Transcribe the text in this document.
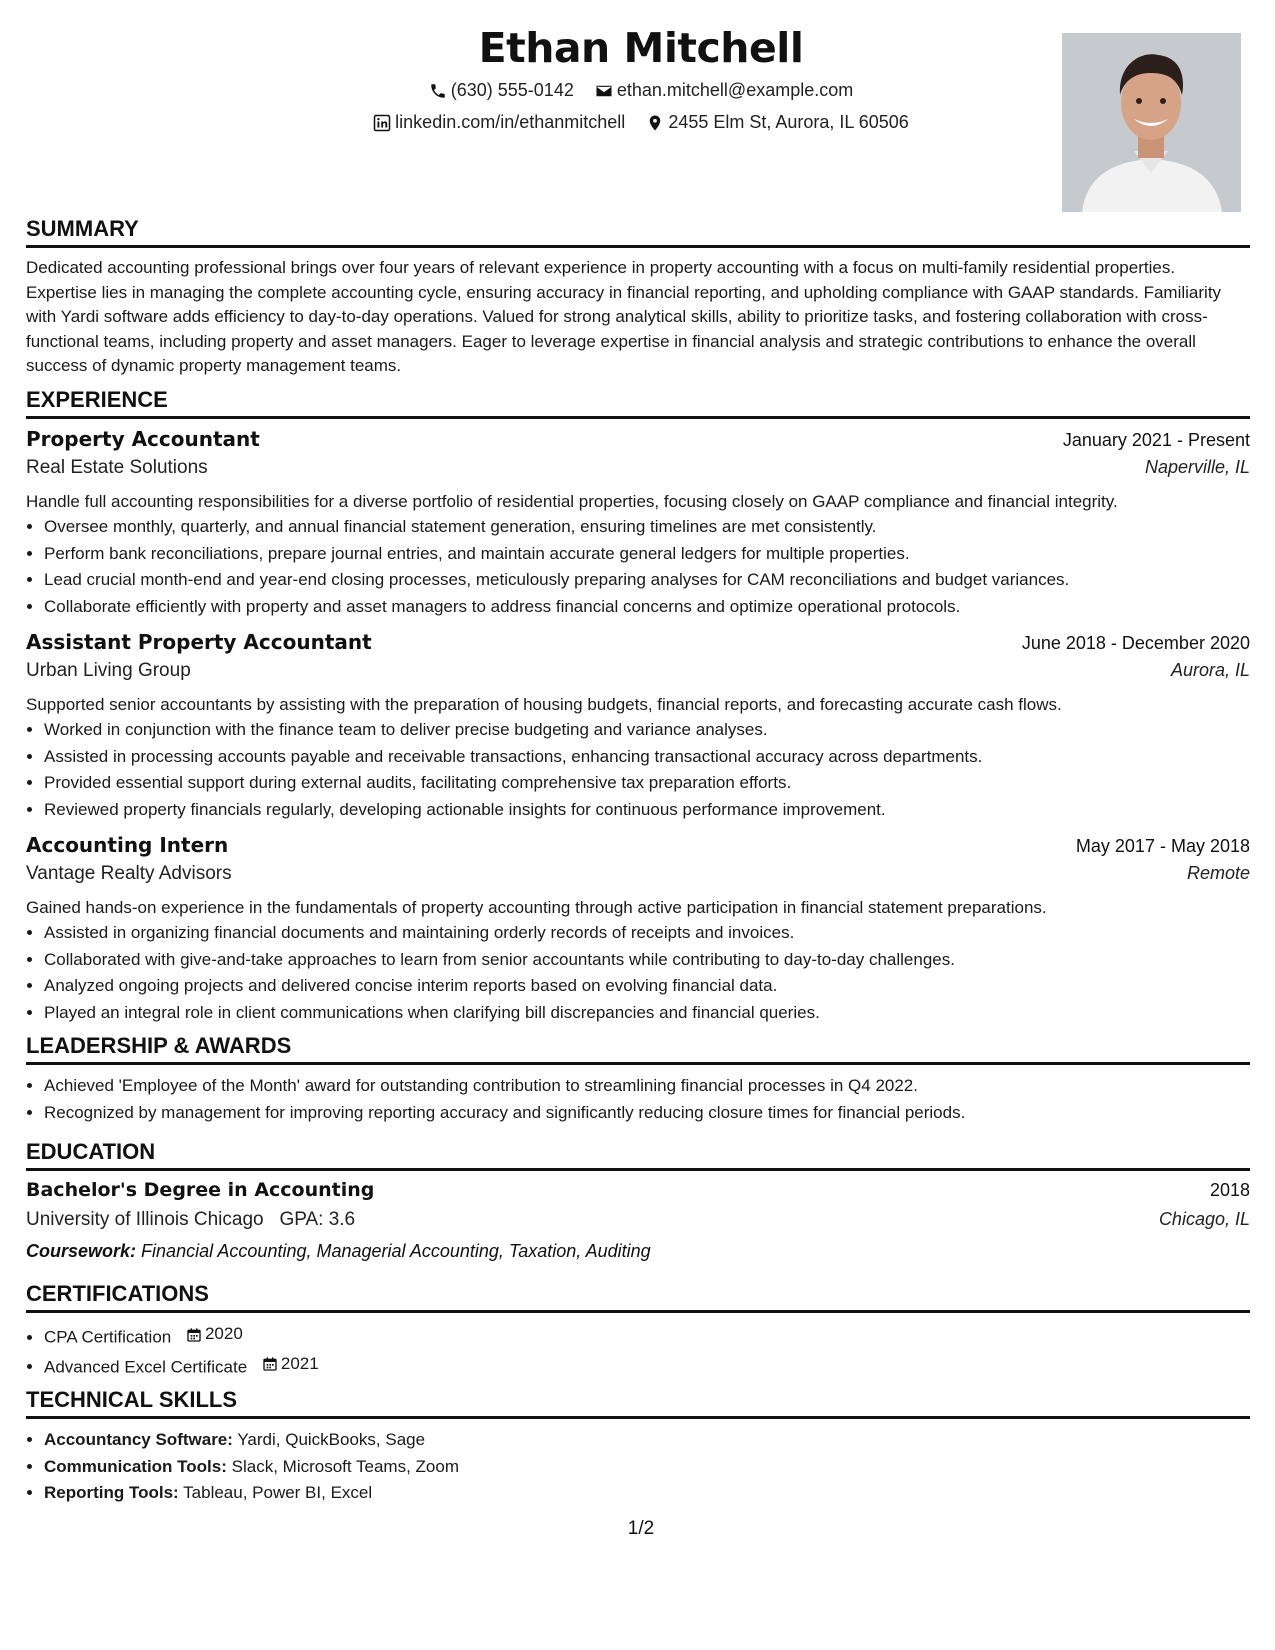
Ethan Mitchell
(630) 555-0142
ethan.mitchell@example.com
linkedin.com/in/ethanmitchell
2455 Elm St, Aurora, IL 60506
SUMMARY

Dedicated accounting professional brings over four years of relevant experience in property accounting with a focus on multi-family residential properties. Expertise lies in managing the complete accounting cycle, ensuring accuracy in financial reporting, and upholding compliance with GAAP standards. Familiarity with Yardi software adds efficiency to day-to-day operations. Valued for strong analytical skills, ability to prioritize tasks, and fostering collaboration with cross-functional teams, including property and asset managers. Eager to leverage expertise in financial analysis and strategic contributions to enhance the overall success of dynamic property management teams.

EXPERIENCE
Property Accountant	January 2021 - Present
Real Estate Solutions	Naperville, IL

Handle full accounting responsibilities for a diverse portfolio of residential properties, focusing closely on GAAP compliance and financial integrity.

• Oversee monthly, quarterly, and annual financial statement generation, ensuring timelines are met consistently.
• Perform bank reconciliations, prepare journal entries, and maintain accurate general ledgers for multiple properties.
• Lead crucial month-end and year-end closing processes, meticulously preparing analyses for CAM reconciliations and budget variances.
• Collaborate efficiently with property and asset managers to address financial concerns and optimize operational protocols.
Assistant Property Accountant	June 2018 - December 2020
Urban Living Group	Aurora, IL

Supported senior accountants by assisting with the preparation of housing budgets, financial reports, and forecasting accurate cash flows.

• Worked in conjunction with the finance team to deliver precise budgeting and variance analyses.
• Assisted in processing accounts payable and receivable transactions, enhancing transactional accuracy across departments.
• Provided essential support during external audits, facilitating comprehensive tax preparation efforts.
• Reviewed property financials regularly, developing actionable insights for continuous performance improvement.
Accounting Intern	May 2017 - May 2018
Vantage Realty Advisors	Remote

Gained hands-on experience in the fundamentals of property accounting through active participation in financial statement preparations.

• Assisted in organizing financial documents and maintaining orderly records of receipts and invoices.
• Collaborated with give-and-take approaches to learn from senior accountants while contributing to day-to-day challenges.
• Analyzed ongoing projects and delivered concise interim reports based on evolving financial data.
• Played an integral role in client communications when clarifying bill discrepancies and financial queries.
LEADERSHIP & AWARDS
• Achieved 'Employee of the Month' award for outstanding contribution to streamlining financial processes in Q4 2022.
• Recognized by management for improving reporting accuracy and significantly reducing closure times for financial periods.
EDUCATION
Bachelor's Degree in Accounting	2018
University of Illinois Chicago GPA: 3.6	Chicago, IL
Coursework: Financial Accounting, Managerial Accounting, Taxation, Auditing
CERTIFICATIONS
• CPA Certification 2020
• Advanced Excel Certificate 2021
TECHNICAL SKILLS
• Accountancy Software: Yardi, QuickBooks, Sage
• Communication Tools: Slack, Microsoft Teams, Zoom
• Reporting Tools: Tableau, Power BI, Excel
1/2
